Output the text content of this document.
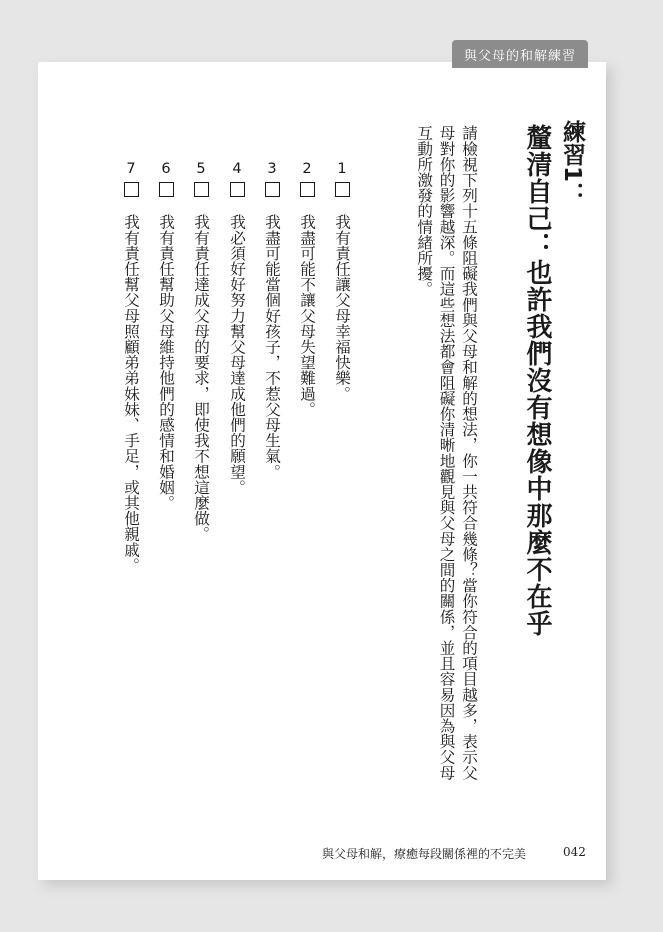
與父母的和解練習
練習1：
釐清自己：也許我們沒有想像中那麼不在乎
請檢視下列十五條阻礙我們與父母和解的想法，你一共符合幾條？當你符合的項目越多，表示父母對你的影響越深。而這些想法都會阻礙你清晰地觀見與父母之間的關係，並且容易因為與父母互動所激發的情緒所擾。
1
我有責任讓父母幸福快樂。
2
我盡可能不讓父母失望難過。
3
我盡可能當個好孩子，不惹父母生氣。
4
我必須好好努力幫父母達成他們的願望。
5
我有責任達成父母的要求，即使我不想這麼做。
6
我有責任幫助父母維持他們的感情和婚姻。
7
我有責任幫父母照顧弟弟妹妹、手足，或其他親戚。
與父母和解，療癒每段關係裡的不完美	042
